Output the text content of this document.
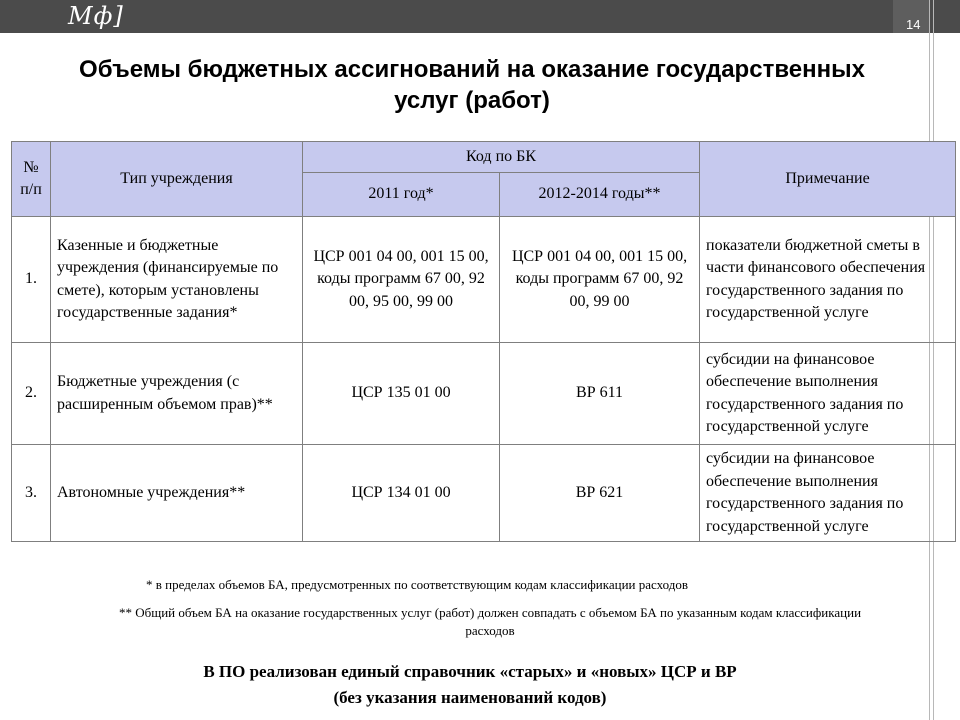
Мф]	14
Объемы бюджетных ассигнований на оказание государственных
услуг (работ)
№ п/п	Тип учреждения	Код по БК		Примечание
		2011 год*	2012-2014 годы**	
1.	Казенные и бюджетные учреждения (финансируемые по смете), которым установлены государственные задания*	ЦСР 001 04 00, 001 15 00, коды программ 67 00, 92 00, 95 00, 99 00	ЦСР 001 04 00, 001 15 00, коды программ 67 00, 92 00, 99 00	показатели бюджетной сметы в части финансового обеспечения государственного задания по государственной услуге
2.	Бюджетные учреждения (с расширенным объемом прав)**	ЦСР 135 01 00	ВР 611	субсидии на финансовое обеспечение выполнения государственного задания по государственной услуге
3.	Автономные учреждения**	ЦСР 134 01 00	ВР 621	субсидии на финансовое обеспечение выполнения государственного задания по государственной услуге
* в пределах объемов БА, предусмотренных по соответствующим кодам классификации расходов
** Общий объем БА на оказание государственных услуг (работ) должен совпадать с объемом БА по указанным кодам классификации расходов
В ПО реализован единый справочник «старых» и «новых» ЦСР и ВР
(без указания наименований кодов)
